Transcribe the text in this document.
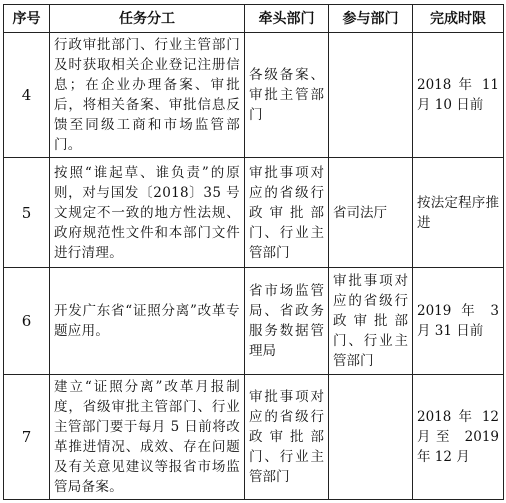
序号	任务分工	牵头部门	参与部门	完成时限
4	行政审批部门、行业主管部门及时获取相关企业登记注册信息；在企业办理备案、审批后，将相关备案、审批信息反馈至同级工商和市场监管部门。	各级备案、审批主管部门		2018 年 11 月 10 日前
5	按照“谁起草、谁负责”的原则，对与国发〔2018〕35 号文规定不一致的地方性法规、政府规范性文件和本部门文件进行清理。	审批事项对应的省级行政审批部门、行业主管部门	省司法厅	按法定程序推进
6	开发广东省“证照分离”改革专题应用。	省市场监管局、省政务服务数据管理局	审批事项对应的省级行政审批部门、行业主管部门	2019 年 3 月 31 日前
7	建立“证照分离”改革月报制度，省级审批主管部门、行业主管部门要于每月 5 日前将改革推进情况、成效、存在问题及有关意见建议等报省市场监管局备案。	审批事项对应的省级行政审批部门、行业主管部门		2018 年 12 月至 2019 年 12 月
